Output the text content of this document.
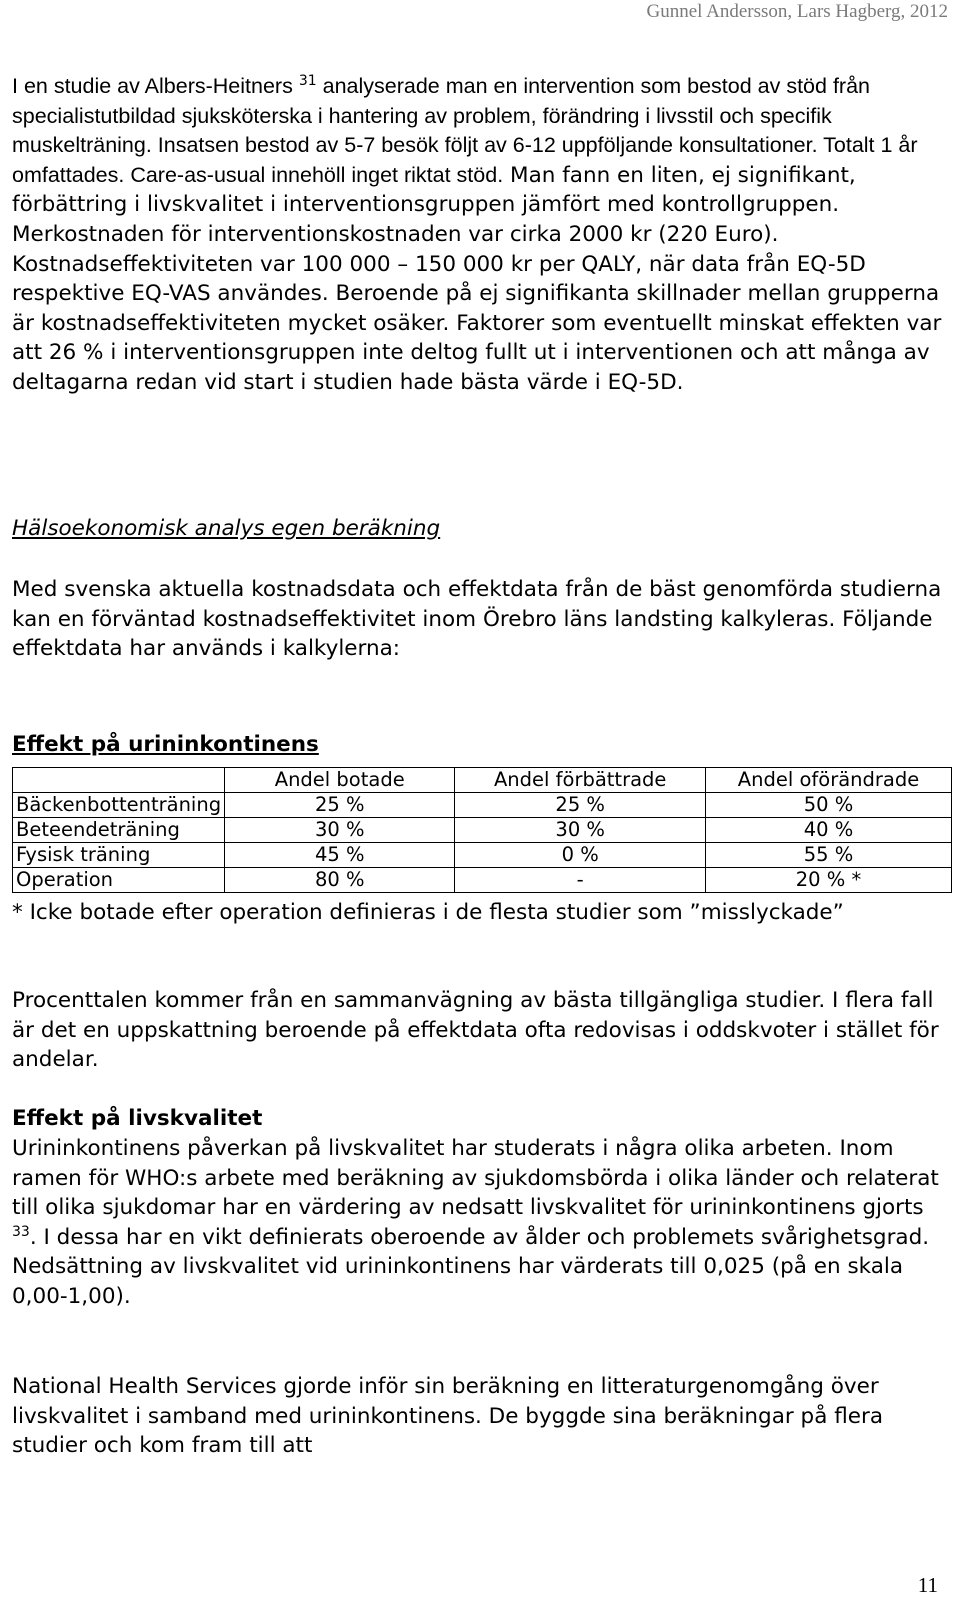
Gunnel Andersson, Lars Hagberg, 2012

I en studie av Albers-Heitners $^{31}$ analyserade man en intervention som bestod av stöd från specialistutbildad sjuksköterska i hantering av problem, förändring i livsstil och specifik muskelträning. Insatsen bestod av 5-7 besök följt av 6-12 uppföljande konsultationer. Totalt 1 år omfattades. Care-as-usual innehöll inget riktat stöd. Man fann en liten, ej signifikant, förbättring i livskvalitet i interventionsgruppen jämfört med kontrollgruppen. Merkostnaden för interventionskostnaden var cirka 2000 kr (220 Euro). Kostnadseffektiviteten var 100 000 – 150 000 kr per QALY, när data från EQ-5D respektive EQ-VAS användes. Beroende på ej signifikanta skillnader mellan grupperna är kostnadseffektiviteten mycket osäker. Faktorer som eventuellt minskat effekten var att 26 % i interventionsgruppen inte deltog fullt ut i interventionen och att många av deltagarna redan vid start i studien hade bästa värde i EQ-5D.

Hälsoekonomisk analys egen beräkning

Med svenska aktuella kostnadsdata och effektdata från de bäst genomförda studierna kan en förväntad kostnadseffektivitet inom Örebro läns landsting kalkyleras. Följande effektdata har används i kalkylerna:

Effekt på urininkontinens

	Andel botade	Andel förbättrade	Andel oförändrade
Bäckenbottenträning	25 %	25 %	50 %
Beteendeträning	30 %	30 %	40 %
Fysisk träning	45 %	0 %	55 %
Operation	80 %	-	20 % *

* Icke botade efter operation definieras i de flesta studier som ”misslyckade”

Procenttalen kommer från en sammanvägning av bästa tillgängliga studier. I flera fall är det en uppskattning beroende på effektdata ofta redovisas i oddskvoter i stället för andelar.

Effekt på livskvalitet

Urininkontinens påverkan på livskvalitet har studerats i några olika arbeten. Inom ramen för WHO:s arbete med beräkning av sjukdomsbörda i olika länder och relaterat till olika sjukdomar har en värdering av nedsatt livskvalitet för urininkontinens gjorts $^{33}$. I dessa har en vikt definierats oberoende av ålder och problemets svårighetsgrad. Nedsättning av livskvalitet vid urininkontinens har värderats till 0,025 (på en skala 0,00-1,00).

National Health Services gjorde inför sin beräkning en litteraturgenomgång över livskvalitet i samband med urininkontinens. De byggde sina beräkningar på flera studier och kom fram till att

11
